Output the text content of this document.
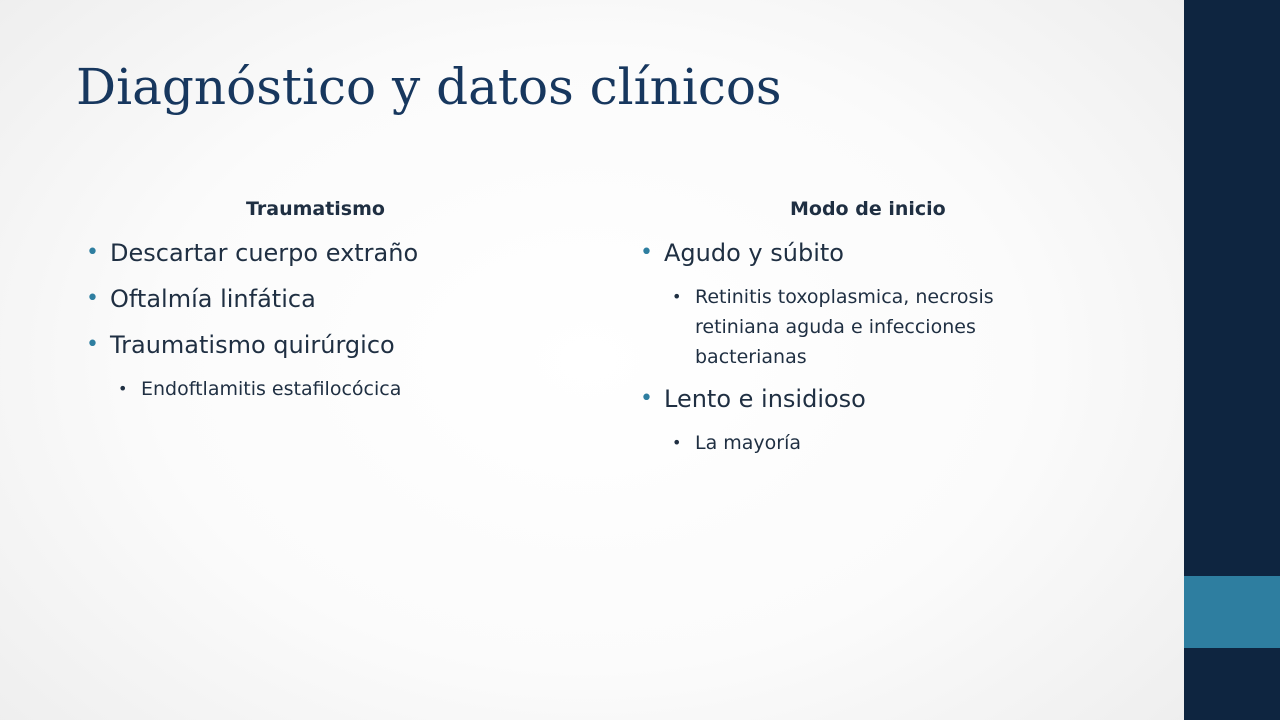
Diagnóstico y datos clínicos
Traumatismo
• Descartar cuerpo extraño
• Oftalmía linfática
• Traumatismo quirúrgico
• Endoftlamitis estafilocócica
Modo de inicio
• Agudo y súbito
• Retinitis toxoplasmica, necrosis retiniana aguda e infecciones bacterianas
• Lento e insidioso
• La mayoría
